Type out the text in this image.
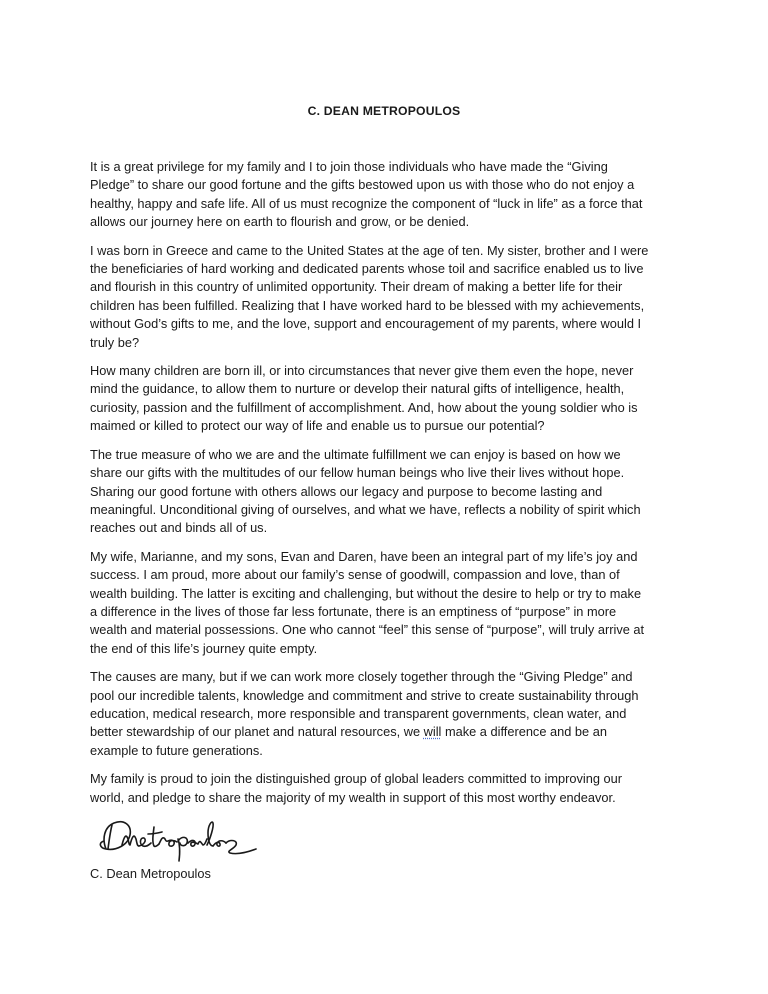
C. DEAN METROPOULOS

It is a great privilege for my family and I to join those individuals who have made the “Giving Pledge” to share our good fortune and the gifts bestowed upon us with those who do not enjoy a healthy, happy and safe life. All of us must recognize the component of “luck in life” as a force that allows our journey here on earth to flourish and grow, or be denied.

I was born in Greece and came to the United States at the age of ten. My sister, brother and I were the beneficiaries of hard working and dedicated parents whose toil and sacrifice enabled us to live and flourish in this country of unlimited opportunity. Their dream of making a better life for their children has been fulfilled. Realizing that I have worked hard to be blessed with my achievements, without God’s gifts to me, and the love, support and encouragement of my parents, where would I truly be?

How many children are born ill, or into circumstances that never give them even the hope, never mind the guidance, to allow them to nurture or develop their natural gifts of intelligence, health, curiosity, passion and the fulfillment of accomplishment. And, how about the young soldier who is maimed or killed to protect our way of life and enable us to pursue our potential?

The true measure of who we are and the ultimate fulfillment we can enjoy is based on how we share our gifts with the multitudes of our fellow human beings who live their lives without hope. Sharing our good fortune with others allows our legacy and purpose to become lasting and meaningful. Unconditional giving of ourselves, and what we have, reflects a nobility of spirit which reaches out and binds all of us.

My wife, Marianne, and my sons, Evan and Daren, have been an integral part of my life’s joy and success. I am proud, more about our family’s sense of goodwill, compassion and love, than of wealth building. The latter is exciting and challenging, but without the desire to help or try to make a difference in the lives of those far less fortunate, there is an emptiness of “purpose” in more wealth and material possessions. One who cannot “feel” this sense of “purpose”, will truly arrive at the end of this life’s journey quite empty.

The causes are many, but if we can work more closely together through the “Giving Pledge” and pool our incredible talents, knowledge and commitment and strive to create sustainability through education, medical research, more responsible and transparent governments, clean water, and better stewardship of our planet and natural resources, we will make a difference and be an example to future generations.

My family is proud to join the distinguished group of global leaders committed to improving our world, and pledge to share the majority of my wealth in support of this most worthy endeavor.

C. Dean Metropoulos
